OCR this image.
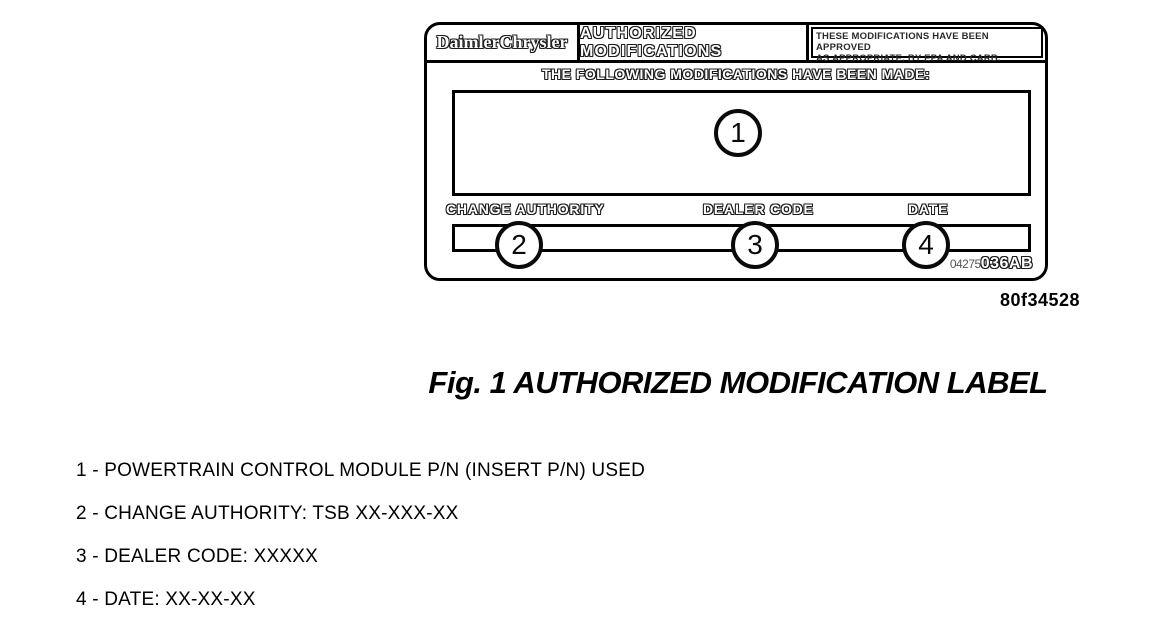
DaimlerChrysler AUTHORIZED MODIFICATIONS
THESE MODIFICATIONS HAVE BEEN APPROVED
AS APPROPRIATE, BY EPA AND CARB.
THE FOLLOWING MODIFICATIONS HAVE BEEN MADE:
1
CHANGE AUTHORITY	DEALER CODE	DATE
2	3	4
04275036AB
80f34528
Fig. 1 AUTHORIZED MODIFICATION LABEL
1 - POWERTRAIN CONTROL MODULE P/N (INSERT P/N) USED
2 - CHANGE AUTHORITY: TSB XX-XXX-XX
3 - DEALER CODE: XXXXX
4 - DATE: XX-XX-XX
